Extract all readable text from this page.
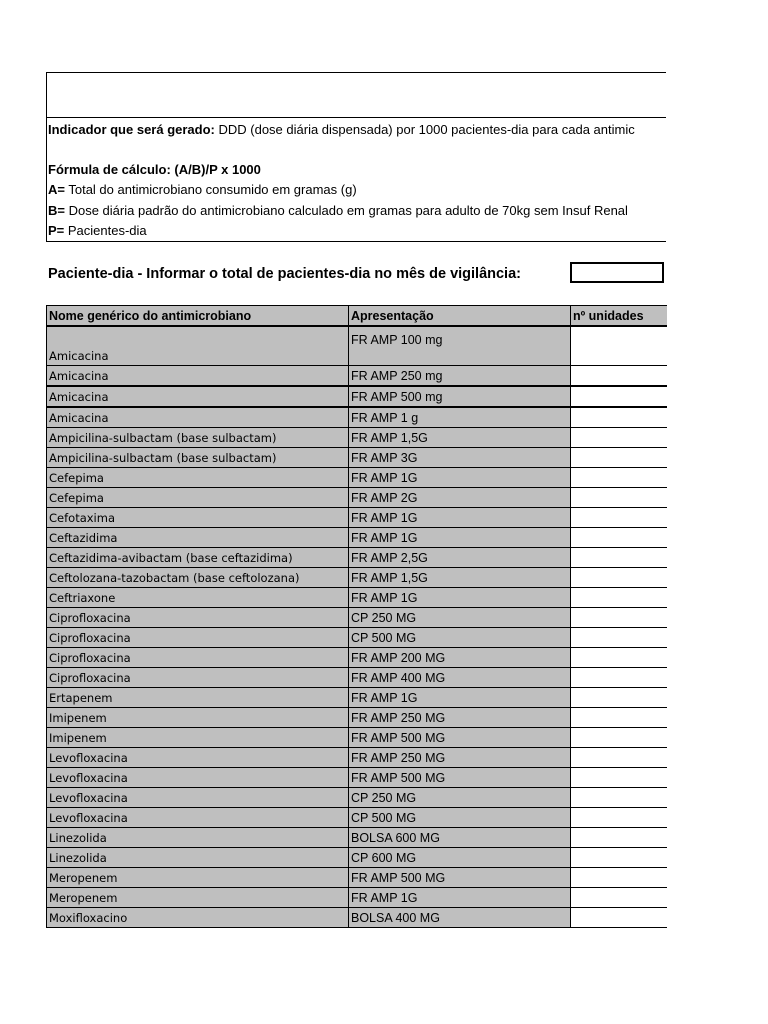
Indicador que será gerado: DDD (dose diária dispensada) por 1000 pacientes-dia para cada antimic
Fórmula de cálculo: (A/B)/P x 1000
A= Total do antimicrobiano consumido em gramas (g)
B= Dose diária padrão do antimicrobiano calculado em gramas para adulto de 70kg sem Insuf Renal
P= Pacientes-dia
Paciente-dia - Informar o total de pacientes-dia no mês de vigilância:
Nome genérico do antimicrobiano	Apresentação	nº unidades
Amicacina	FR AMP 100 mg	
Amicacina	FR AMP 250 mg	
Amicacina	FR AMP 500 mg	
Amicacina	FR AMP 1 g	
Ampicilina-sulbactam (base sulbactam)	FR AMP 1,5G	
Ampicilina-sulbactam (base sulbactam)	FR AMP 3G	
Cefepima	FR AMP 1G	
Cefepima	FR AMP 2G	
Cefotaxima	FR AMP 1G	
Ceftazidima	FR AMP 1G	
Ceftazidima-avibactam (base ceftazidima)	FR AMP 2,5G	
Ceftolozana-tazobactam (base ceftolozana)	FR AMP 1,5G	
Ceftriaxone	FR AMP 1G	
Ciprofloxacina	CP 250 MG	
Ciprofloxacina	CP 500 MG	
Ciprofloxacina	FR AMP 200 MG	
Ciprofloxacina	FR AMP 400 MG	
Ertapenem	FR AMP 1G	
Imipenem	FR AMP 250 MG	
Imipenem	FR AMP 500 MG	
Levofloxacina	FR AMP 250 MG	
Levofloxacina	FR AMP 500 MG	
Levofloxacina	CP 250 MG	
Levofloxacina	CP 500 MG	
Linezolida	BOLSA 600 MG	
Linezolida	CP 600 MG	
Meropenem	FR AMP 500 MG	
Meropenem	FR AMP 1G	
Moxifloxacino	BOLSA 400 MG	
